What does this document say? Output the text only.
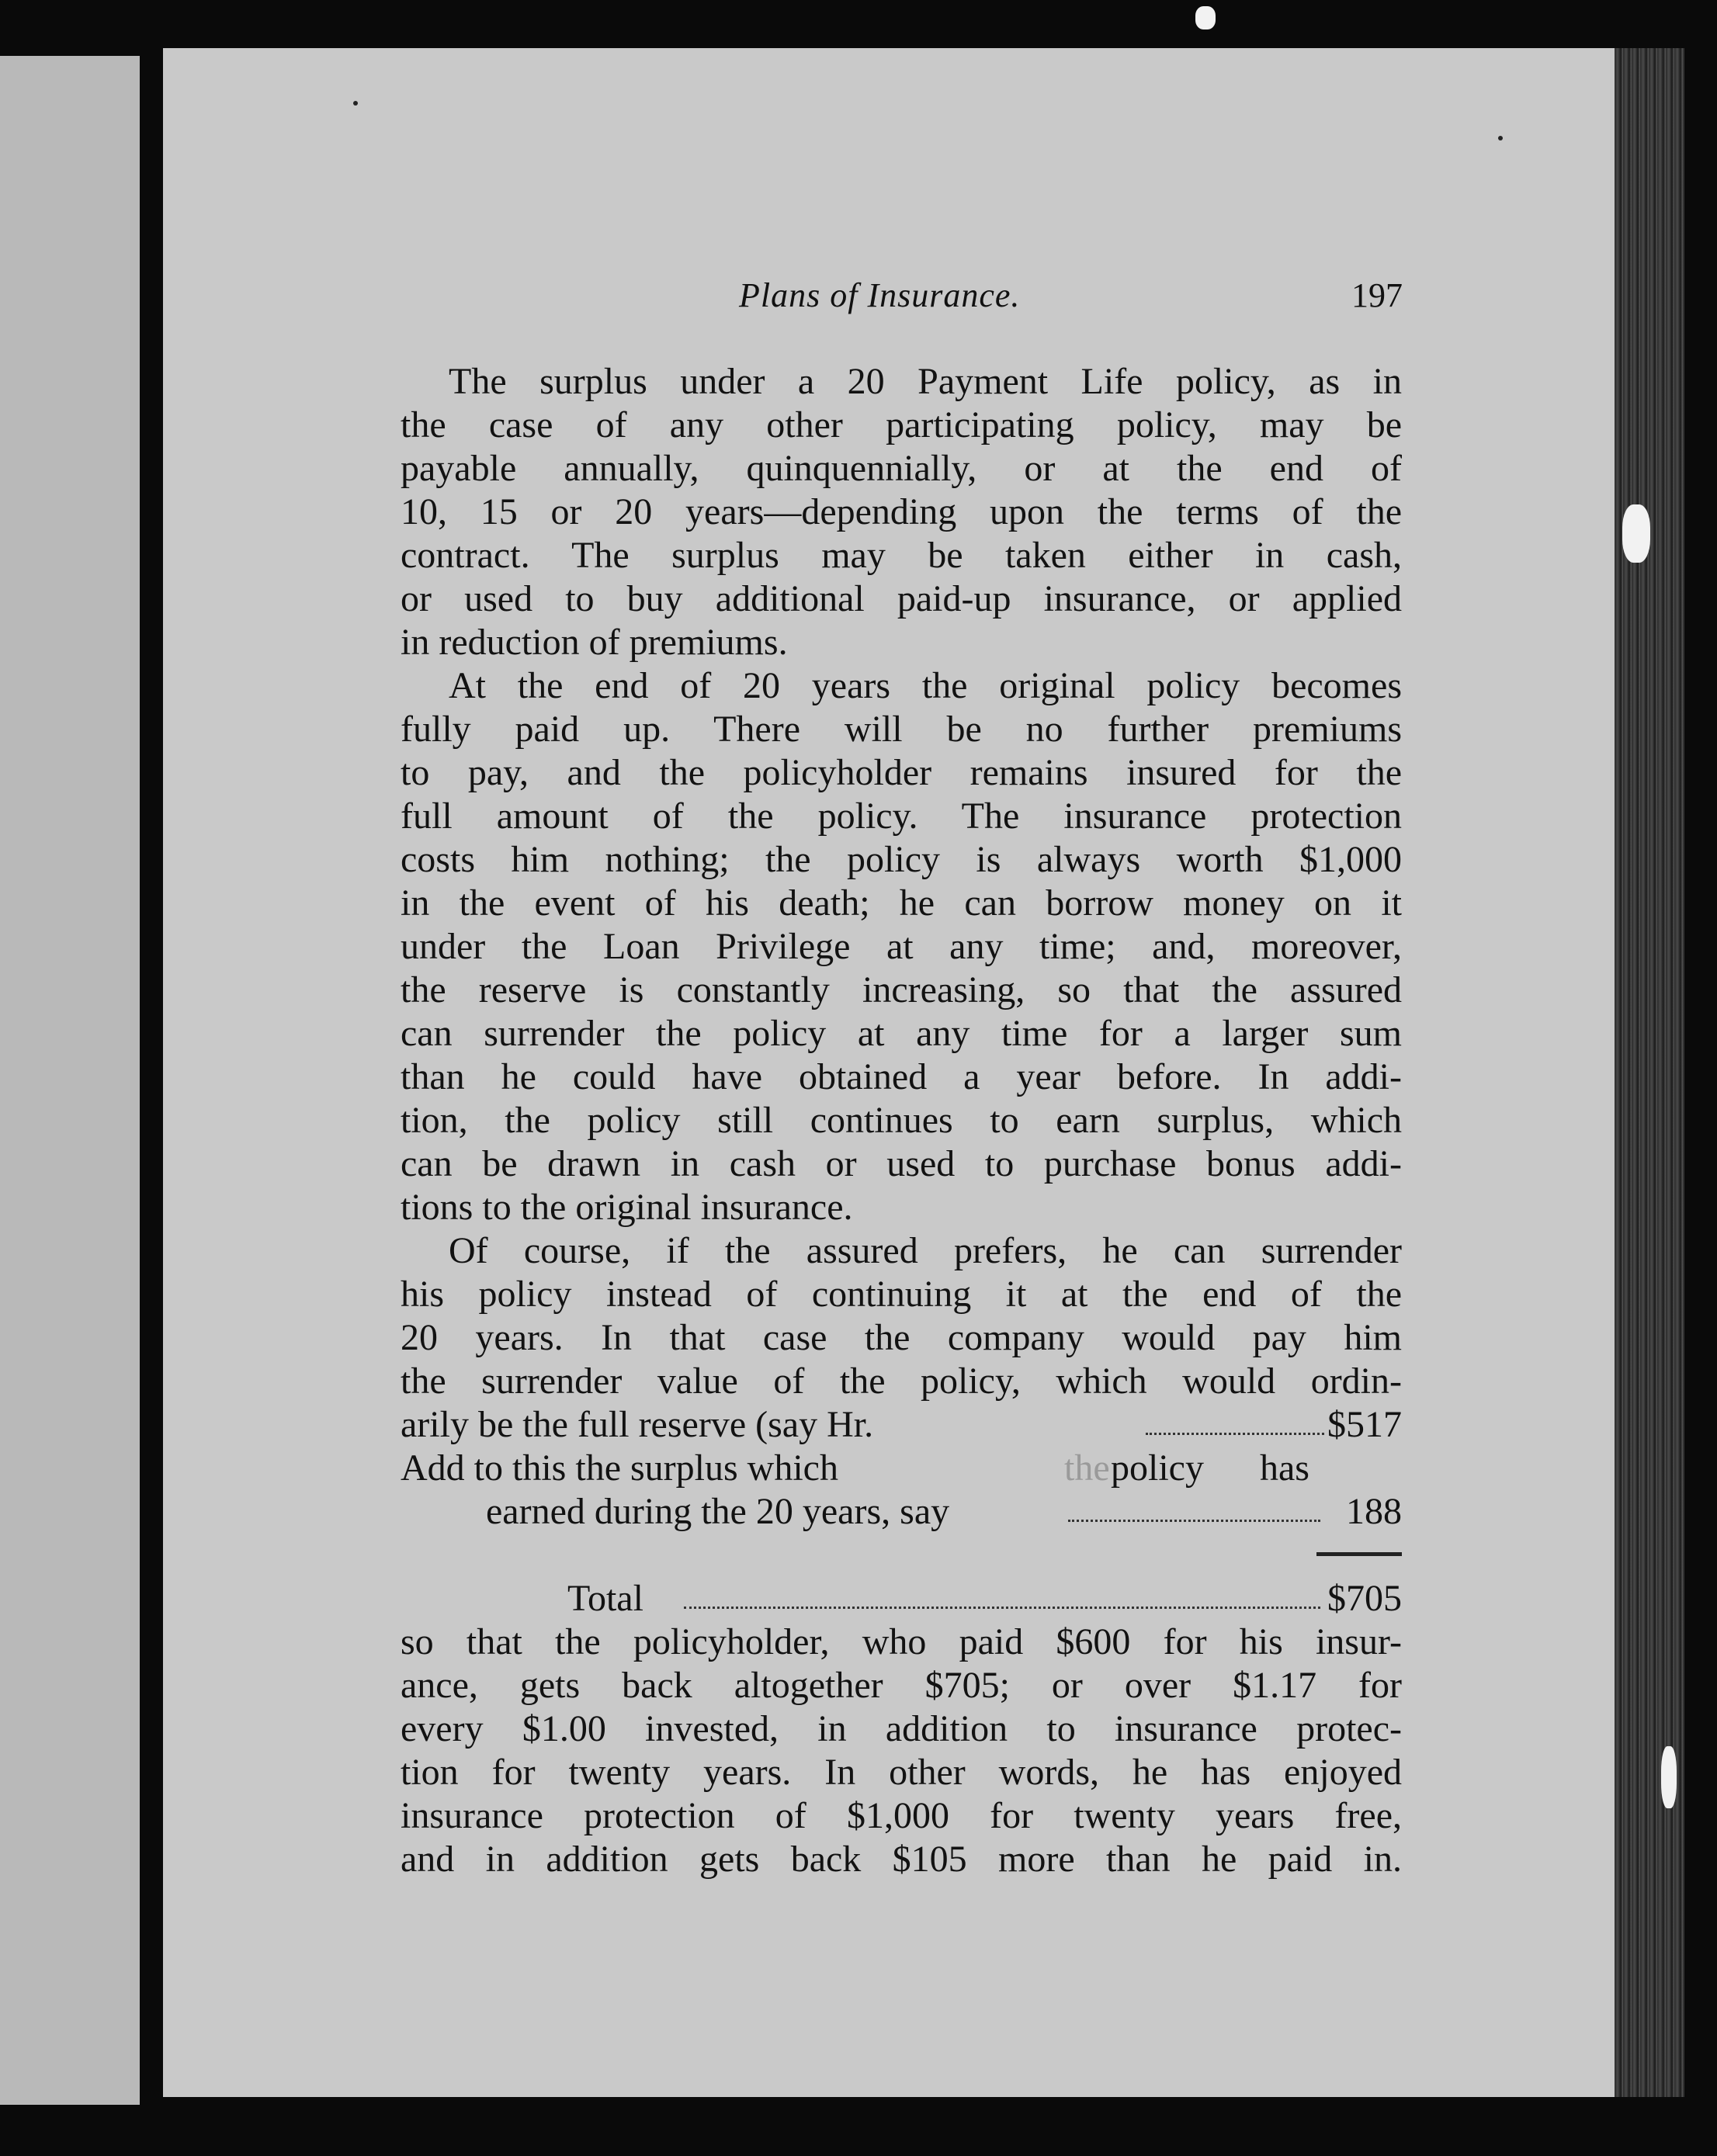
Plans of Insurance.	197
The surplus under a 20 Payment Life policy, as in
the case of any other participating policy, may be
payable annually, quinquennially, or at the end of
10, 15 or 20 years—depending upon the terms of the
contract. The surplus may be taken either in cash,
or used to buy additional paid-up insurance, or applied
in reduction of premiums.
At the end of 20 years the original policy becomes
fully paid up. There will be no further premiums
to pay, and the policyholder remains insured for the
full amount of the policy. The insurance protection
costs him nothing; the policy is always worth $1,000
in the event of his death; he can borrow money on it
under the Loan Privilege at any time; and, moreover,
the reserve is constantly increasing, so that the assured
can surrender the policy at any time for a larger sum
than he could have obtained a year before. In addi-
tion, the policy still continues to earn surplus, which
can be drawn in cash or used to purchase bonus addi-
tions to the original insurance.
Of course, if the assured prefers, he can surrender
his policy instead of continuing it at the end of the
20 years. In that case the company would pay him
the surrender value of the policy, which would ordin-
arily be the full reserve (say Hr.	$517
Add to this the surplus which	the policy has
earned during the 20 years, say	188
Total	$705
so that the policyholder, who paid $600 for his insur-
ance, gets back altogether $705; or over $1.17 for
every $1.00 invested, in addition to insurance protec-
tion for twenty years. In other words, he has enjoyed
insurance protection of $1,000 for twenty years free,
and in addition gets back $105 more than he paid in.
